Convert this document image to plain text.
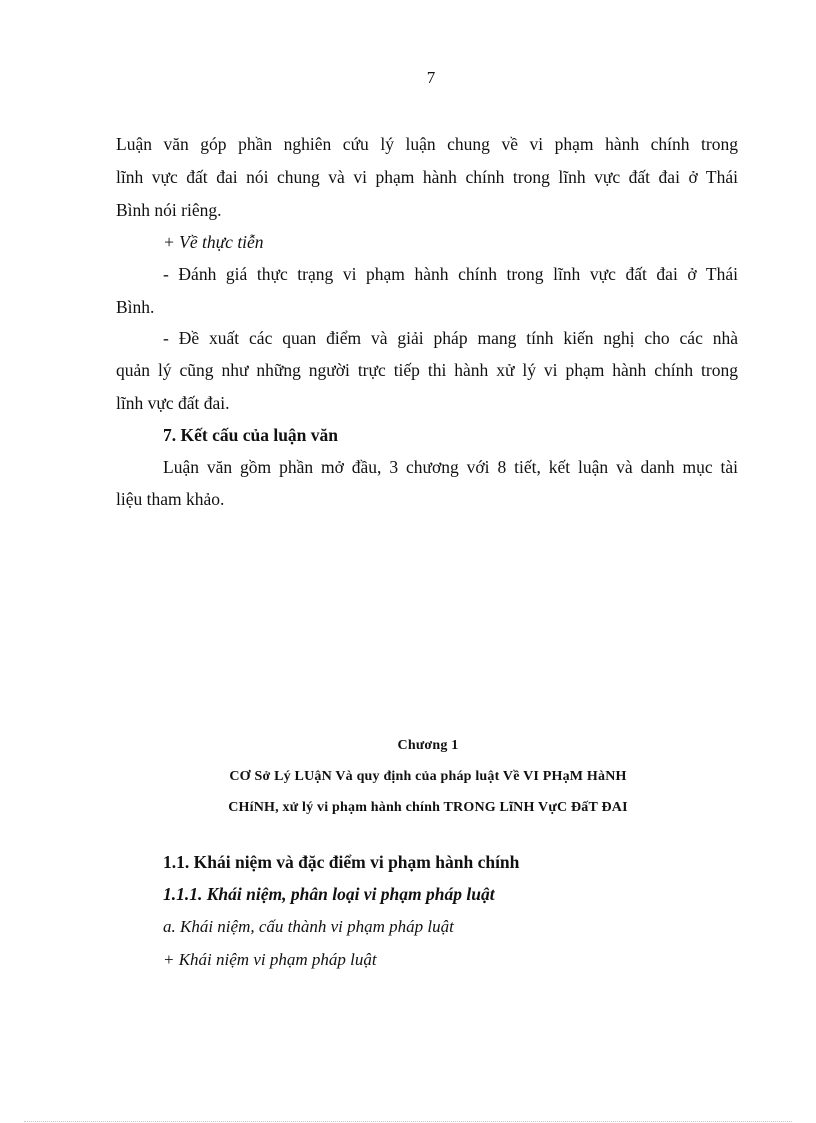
7
Luận văn góp phần nghiên cứu lý luận chung về vi phạm hành chính trong
lĩnh vực đất đai nói chung và vi phạm hành chính trong lĩnh vực đất đai ở Thái
Bình nói riêng.
+ Về thực tiễn
- Đánh giá thực trạng vi phạm hành chính trong lĩnh vực đất đai ở Thái
Bình.
- Đề xuất các quan điểm và giải pháp mang tính kiến nghị cho các nhà
quản lý cũng như những người trực tiếp thi hành xử lý vi phạm hành chính trong
lĩnh vực đất đai.
7. Kết cấu của luận văn
Luận văn gồm phần mở đầu, 3 chương với 8 tiết, kết luận và danh mục tài
liệu tham khảo.
Chương 1
CƠ Sở Lý LUậN Và quy định của pháp luật Về VI PHạM HàNH
CHíNH, xử lý vi phạm hành chính TRONG LĩNH VựC ĐấT ĐAI
1.1. Khái niệm và đặc điểm vi phạm hành chính
1.1.1. Khái niệm, phân loại vi phạm pháp luật
a. Khái niệm, cấu thành vi phạm pháp luật
+ Khái niệm vi phạm pháp luật
